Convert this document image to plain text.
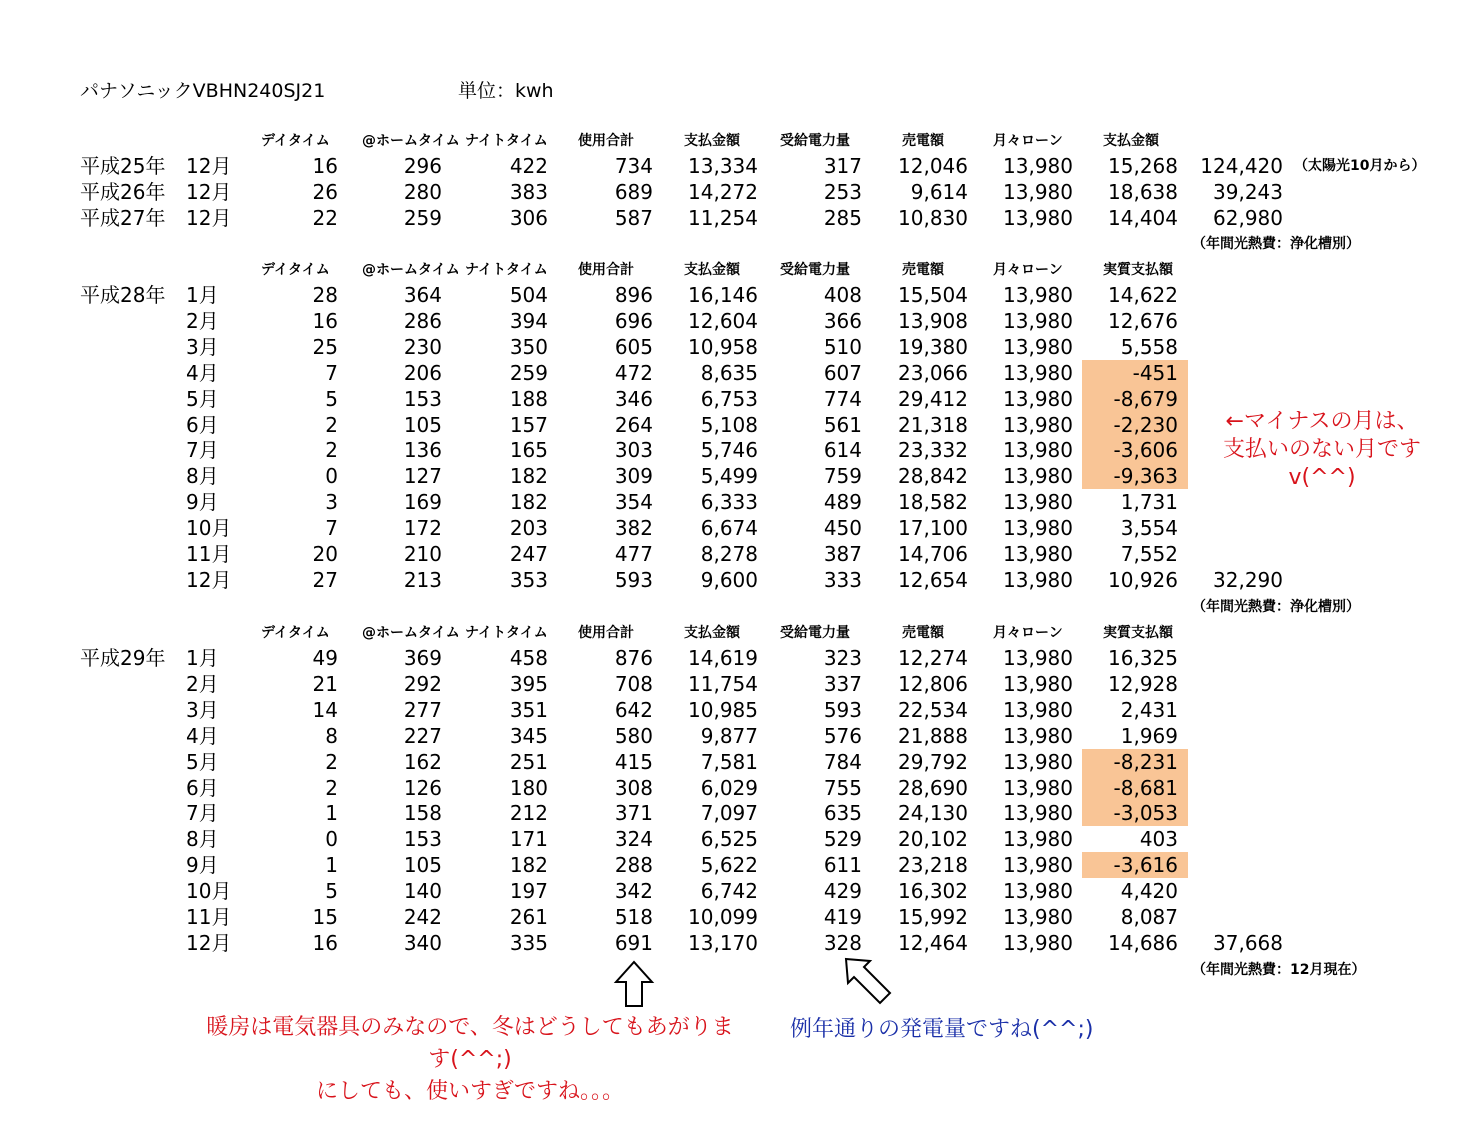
パナソニックVBHN240SJ21	単位：kwh
デイタイム @ホームタイム ナイトタイム 使用合計	支払金額	受給電力量	売電額	月々ローン	支払金額
平成25年 12月	16	296	422	734	13,334	317	12,046	13,980	15,268	124,420 （太陽光10月から）
平成26年 12月	26	280	383	689	14,272	253	9,614	13,980	18,638	39,243
平成27年 12月	22	259	306	587	11,254	285	10,830	13,980	14,404	62,980
デイタイム @ホームタイム ナイトタイム 使用合計	支払金額	受給電力量	売電額	月々ローン	実質支払額
平成28年 1月	28	364	504	896	16,146	408	15,504	13,980	14,622
2月	16	286	394	696	12,604	366	13,908	13,980	12,676
3月	25	230	350	605	10,958	510	19,380	13,980	5,558
4月	7	206	259	472	8,635	607	23,066	13,980	-451
5月	5	153	188	346	6,753	774	29,412	13,980	-8,679
6月	2	105	157	264	5,108	561	21,318	13,980	-2,230
7月	2	136	165	303	5,746	614	23,332	13,980	-3,606
8月	0	127	182	309	5,499	759	28,842	13,980	-9,363
9月	3	169	182	354	6,333	489	18,582	13,980	1,731
10月	7	172	203	382	6,674	450	17,100	13,980	3,554
11月	20	210	247	477	8,278	387	14,706	13,980	7,552
12月	27	213	353	593	9,600	333	12,654	13,980	10,926	32,290
デイタイム @ホームタイム ナイトタイム 使用合計	支払金額	受給電力量	売電額	月々ローン	実質支払額
平成29年 1月	49	369	458	876	14,619	323	12,274	13,980	16,325
2月	21	292	395	708	11,754	337	12,806	13,980	12,928
3月	14	277	351	642	10,985	593	22,534	13,980	2,431
4月	8	227	345	580	9,877	576	21,888	13,980	1,969
5月	2	162	251	415	7,581	784	29,792	13,980	-8,231
6月	2	126	180	308	6,029	755	28,690	13,980	-8,681
7月	1	158	212	371	7,097	635	24,130	13,980	-3,053
8月	0	153	171	324	6,525	529	20,102	13,980	403
9月	1	105	182	288	5,622	611	23,218	13,980	-3,616
10月	5	140	197	342	6,742	429	16,302	13,980	4,420
11月	15	242	261	518	10,099	419	15,992	13,980	8,087
12月	16	340	335	691	13,170	328	12,464	13,980	14,686	37,668
（年間光熱費：浄化槽別）
（年間光熱費：浄化槽別）
（年間光熱費：12月現在）
←マイナスの月は、
支払いのない月ですv(^^)
暖房は電気器具のみなので、冬はどうしてもあがります(^^;)
にしても、使いすぎですね。。。
例年通りの発電量ですね(^^;)
